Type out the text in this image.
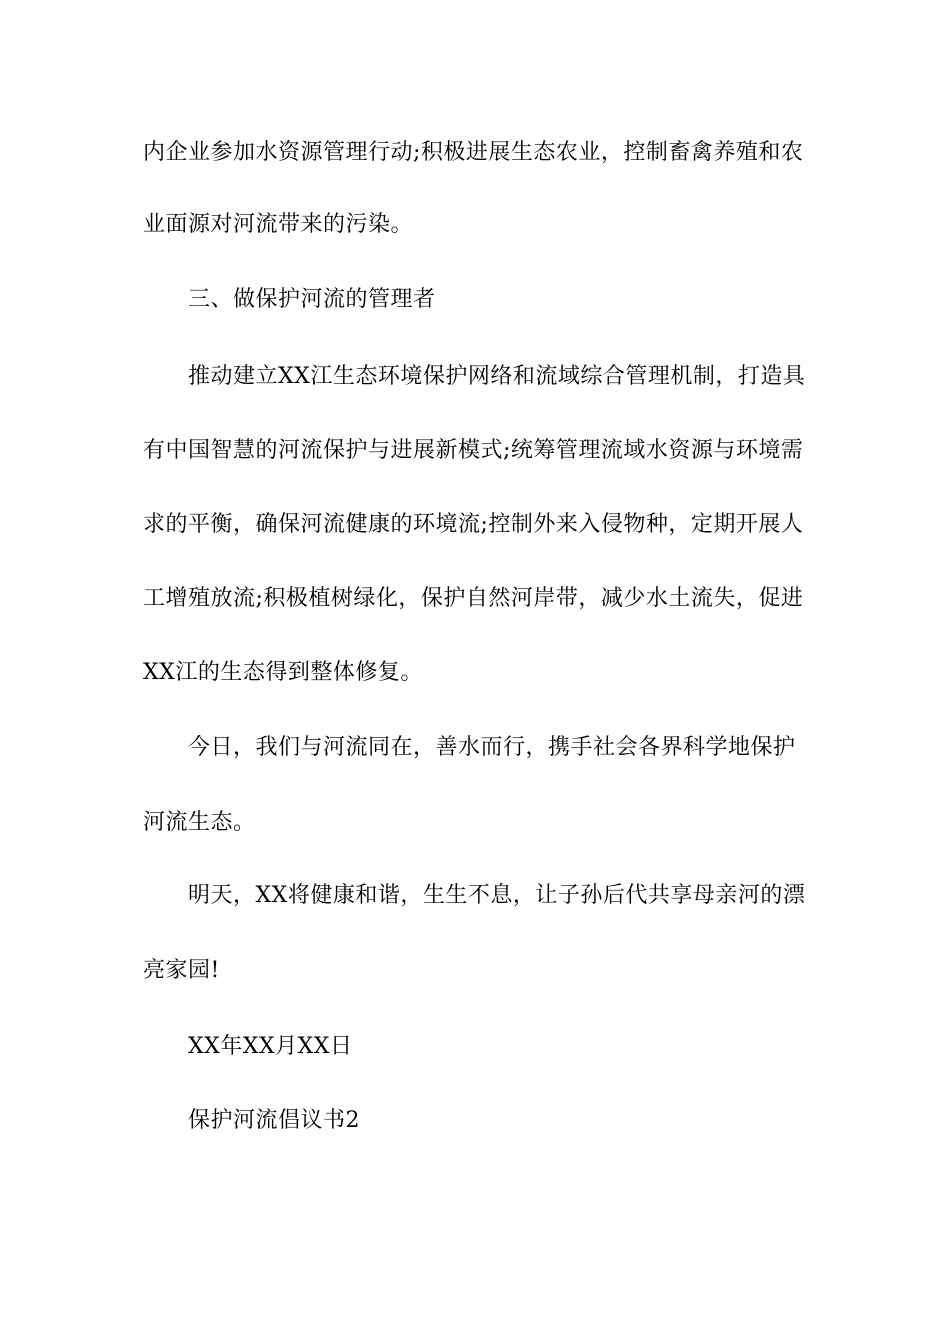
内企业参加水资源管理行动;积极进展生态农业，控制畜禽养殖和农
业面源对河流带来的污染。
三、做保护河流的管理者
推动建立XX江生态环境保护网络和流域综合管理机制，打造具
有中国智慧的河流保护与进展新模式;统筹管理流域水资源与环境需
求的平衡，确保河流健康的环境流;控制外来入侵物种，定期开展人
工增殖放流;积极植树绿化，保护自然河岸带，减少水土流失，促进
XX江的生态得到整体修复。
今日，我们与河流同在，善水而行，携手社会各界科学地保护
河流生态。
明天，XX将健康和谐，生生不息，让子孙后代共享母亲河的漂
亮家园!
XX年XX月XX日
保护河流倡议书2
